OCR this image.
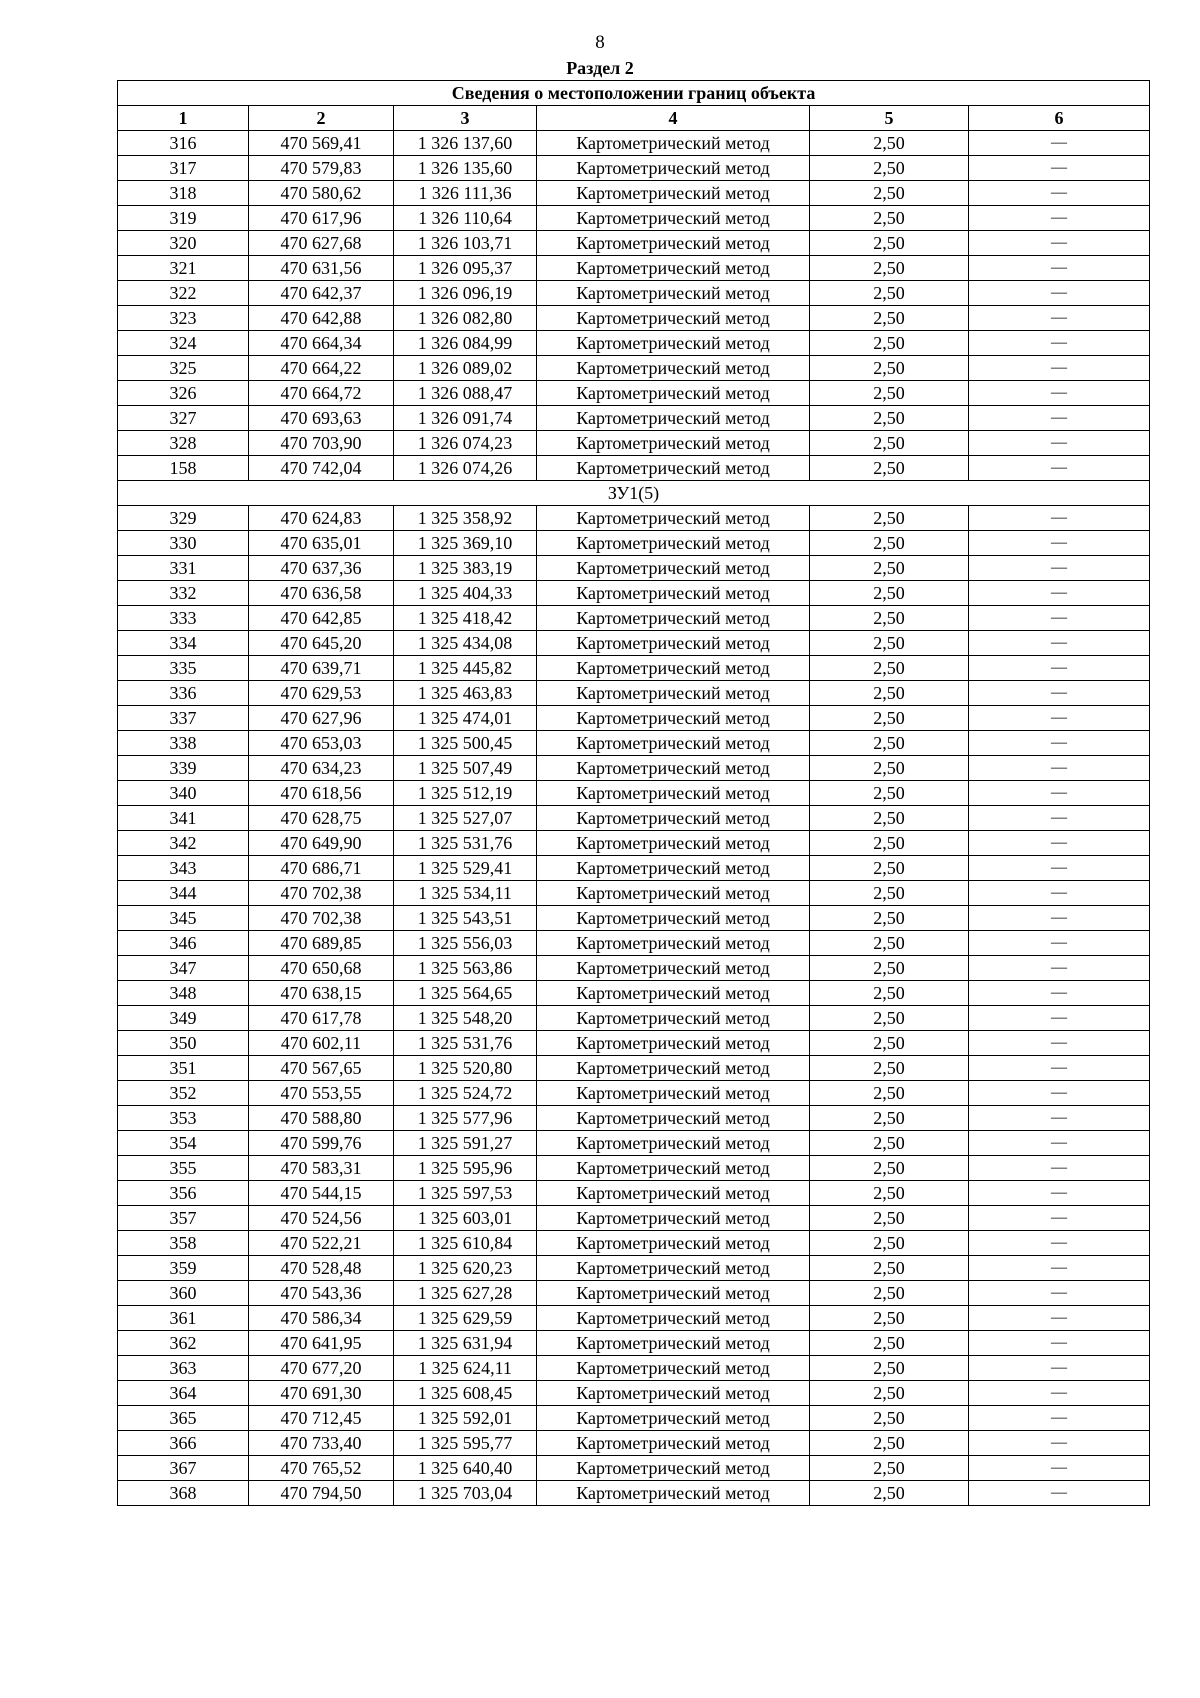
8
Раздел 2
Сведения о местоположении границ объекта					
1	2	3	4	5	6
316	470 569,41	1 326 137,60	Картометрический метод	2,50	—
317	470 579,83	1 326 135,60	Картометрический метод	2,50	—
318	470 580,62	1 326 111,36	Картометрический метод	2,50	—
319	470 617,96	1 326 110,64	Картометрический метод	2,50	—
320	470 627,68	1 326 103,71	Картометрический метод	2,50	—
321	470 631,56	1 326 095,37	Картометрический метод	2,50	—
322	470 642,37	1 326 096,19	Картометрический метод	2,50	—
323	470 642,88	1 326 082,80	Картометрический метод	2,50	—
324	470 664,34	1 326 084,99	Картометрический метод	2,50	—
325	470 664,22	1 326 089,02	Картометрический метод	2,50	—
326	470 664,72	1 326 088,47	Картометрический метод	2,50	—
327	470 693,63	1 326 091,74	Картометрический метод	2,50	—
328	470 703,90	1 326 074,23	Картометрический метод	2,50	—
158	470 742,04	1 326 074,26	Картометрический метод	2,50	—
ЗУ1(5)					
329	470 624,83	1 325 358,92	Картометрический метод	2,50	—
330	470 635,01	1 325 369,10	Картометрический метод	2,50	—
331	470 637,36	1 325 383,19	Картометрический метод	2,50	—
332	470 636,58	1 325 404,33	Картометрический метод	2,50	—
333	470 642,85	1 325 418,42	Картометрический метод	2,50	—
334	470 645,20	1 325 434,08	Картометрический метод	2,50	—
335	470 639,71	1 325 445,82	Картометрический метод	2,50	—
336	470 629,53	1 325 463,83	Картометрический метод	2,50	—
337	470 627,96	1 325 474,01	Картометрический метод	2,50	—
338	470 653,03	1 325 500,45	Картометрический метод	2,50	—
339	470 634,23	1 325 507,49	Картометрический метод	2,50	—
340	470 618,56	1 325 512,19	Картометрический метод	2,50	—
341	470 628,75	1 325 527,07	Картометрический метод	2,50	—
342	470 649,90	1 325 531,76	Картометрический метод	2,50	—
343	470 686,71	1 325 529,41	Картометрический метод	2,50	—
344	470 702,38	1 325 534,11	Картометрический метод	2,50	—
345	470 702,38	1 325 543,51	Картометрический метод	2,50	—
346	470 689,85	1 325 556,03	Картометрический метод	2,50	—
347	470 650,68	1 325 563,86	Картометрический метод	2,50	—
348	470 638,15	1 325 564,65	Картометрический метод	2,50	—
349	470 617,78	1 325 548,20	Картометрический метод	2,50	—
350	470 602,11	1 325 531,76	Картометрический метод	2,50	—
351	470 567,65	1 325 520,80	Картометрический метод	2,50	—
352	470 553,55	1 325 524,72	Картометрический метод	2,50	—
353	470 588,80	1 325 577,96	Картометрический метод	2,50	—
354	470 599,76	1 325 591,27	Картометрический метод	2,50	—
355	470 583,31	1 325 595,96	Картометрический метод	2,50	—
356	470 544,15	1 325 597,53	Картометрический метод	2,50	—
357	470 524,56	1 325 603,01	Картометрический метод	2,50	—
358	470 522,21	1 325 610,84	Картометрический метод	2,50	—
359	470 528,48	1 325 620,23	Картометрический метод	2,50	—
360	470 543,36	1 325 627,28	Картометрический метод	2,50	—
361	470 586,34	1 325 629,59	Картометрический метод	2,50	—
362	470 641,95	1 325 631,94	Картометрический метод	2,50	—
363	470 677,20	1 325 624,11	Картометрический метод	2,50	—
364	470 691,30	1 325 608,45	Картометрический метод	2,50	—
365	470 712,45	1 325 592,01	Картометрический метод	2,50	—
366	470 733,40	1 325 595,77	Картометрический метод	2,50	—
367	470 765,52	1 325 640,40	Картометрический метод	2,50	—
368	470 794,50	1 325 703,04	Картометрический метод	2,50	—
